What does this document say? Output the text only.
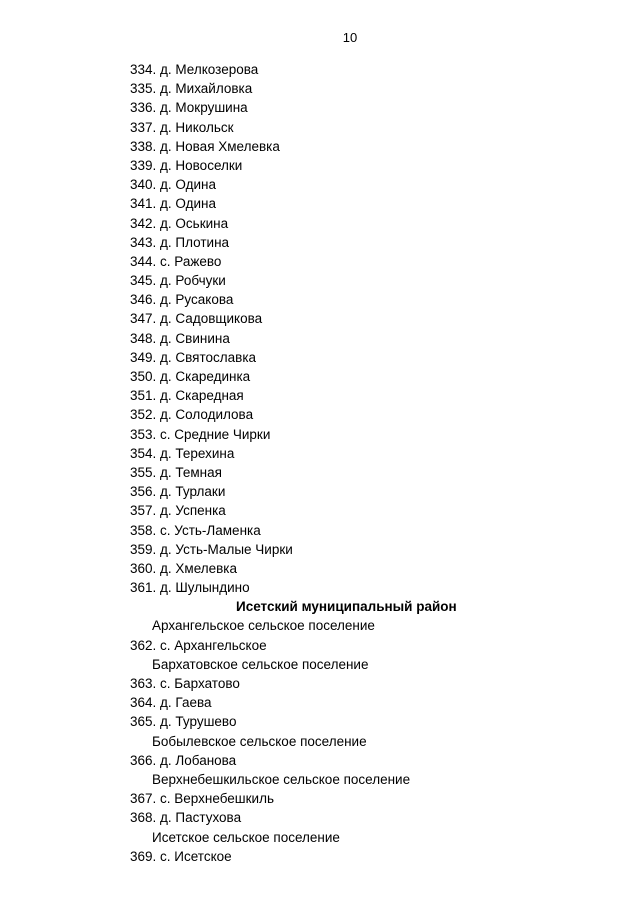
10
334. д. Мелкозерова
335. д. Михайловка
336. д. Мокрушина
337. д. Никольск
338. д. Новая Хмелевка
339. д. Новоселки
340. д. Одина
341. д. Одина
342. д. Оськина
343. д. Плотина
344. с. Ражево
345. д. Робчуки
346. д. Русакова
347. д. Садовщикова
348. д. Свинина
349. д. Святославка
350. д. Скарединка
351. д. Скаредная
352. д. Солодилова
353. с. Средние Чирки
354. д. Терехина
355. д. Темная
356. д. Турлаки
357. д. Успенка
358. с. Усть-Ламенка
359. д. Усть-Малые Чирки
360. д. Хмелевка
361. д. Шулындино
Исетский муниципальный район
Архангельское сельское поселение
362. с. Архангельское
Бархатовское сельское поселение
363. с. Бархатово
364. д. Гаева
365. д. Турушево
Бобылевское сельское поселение
366. д. Лобанова
Верхнебешкильское сельское поселение
367. с. Верхнебешкиль
368. д. Пастухова
Исетское сельское поселение
369. с. Исетское
